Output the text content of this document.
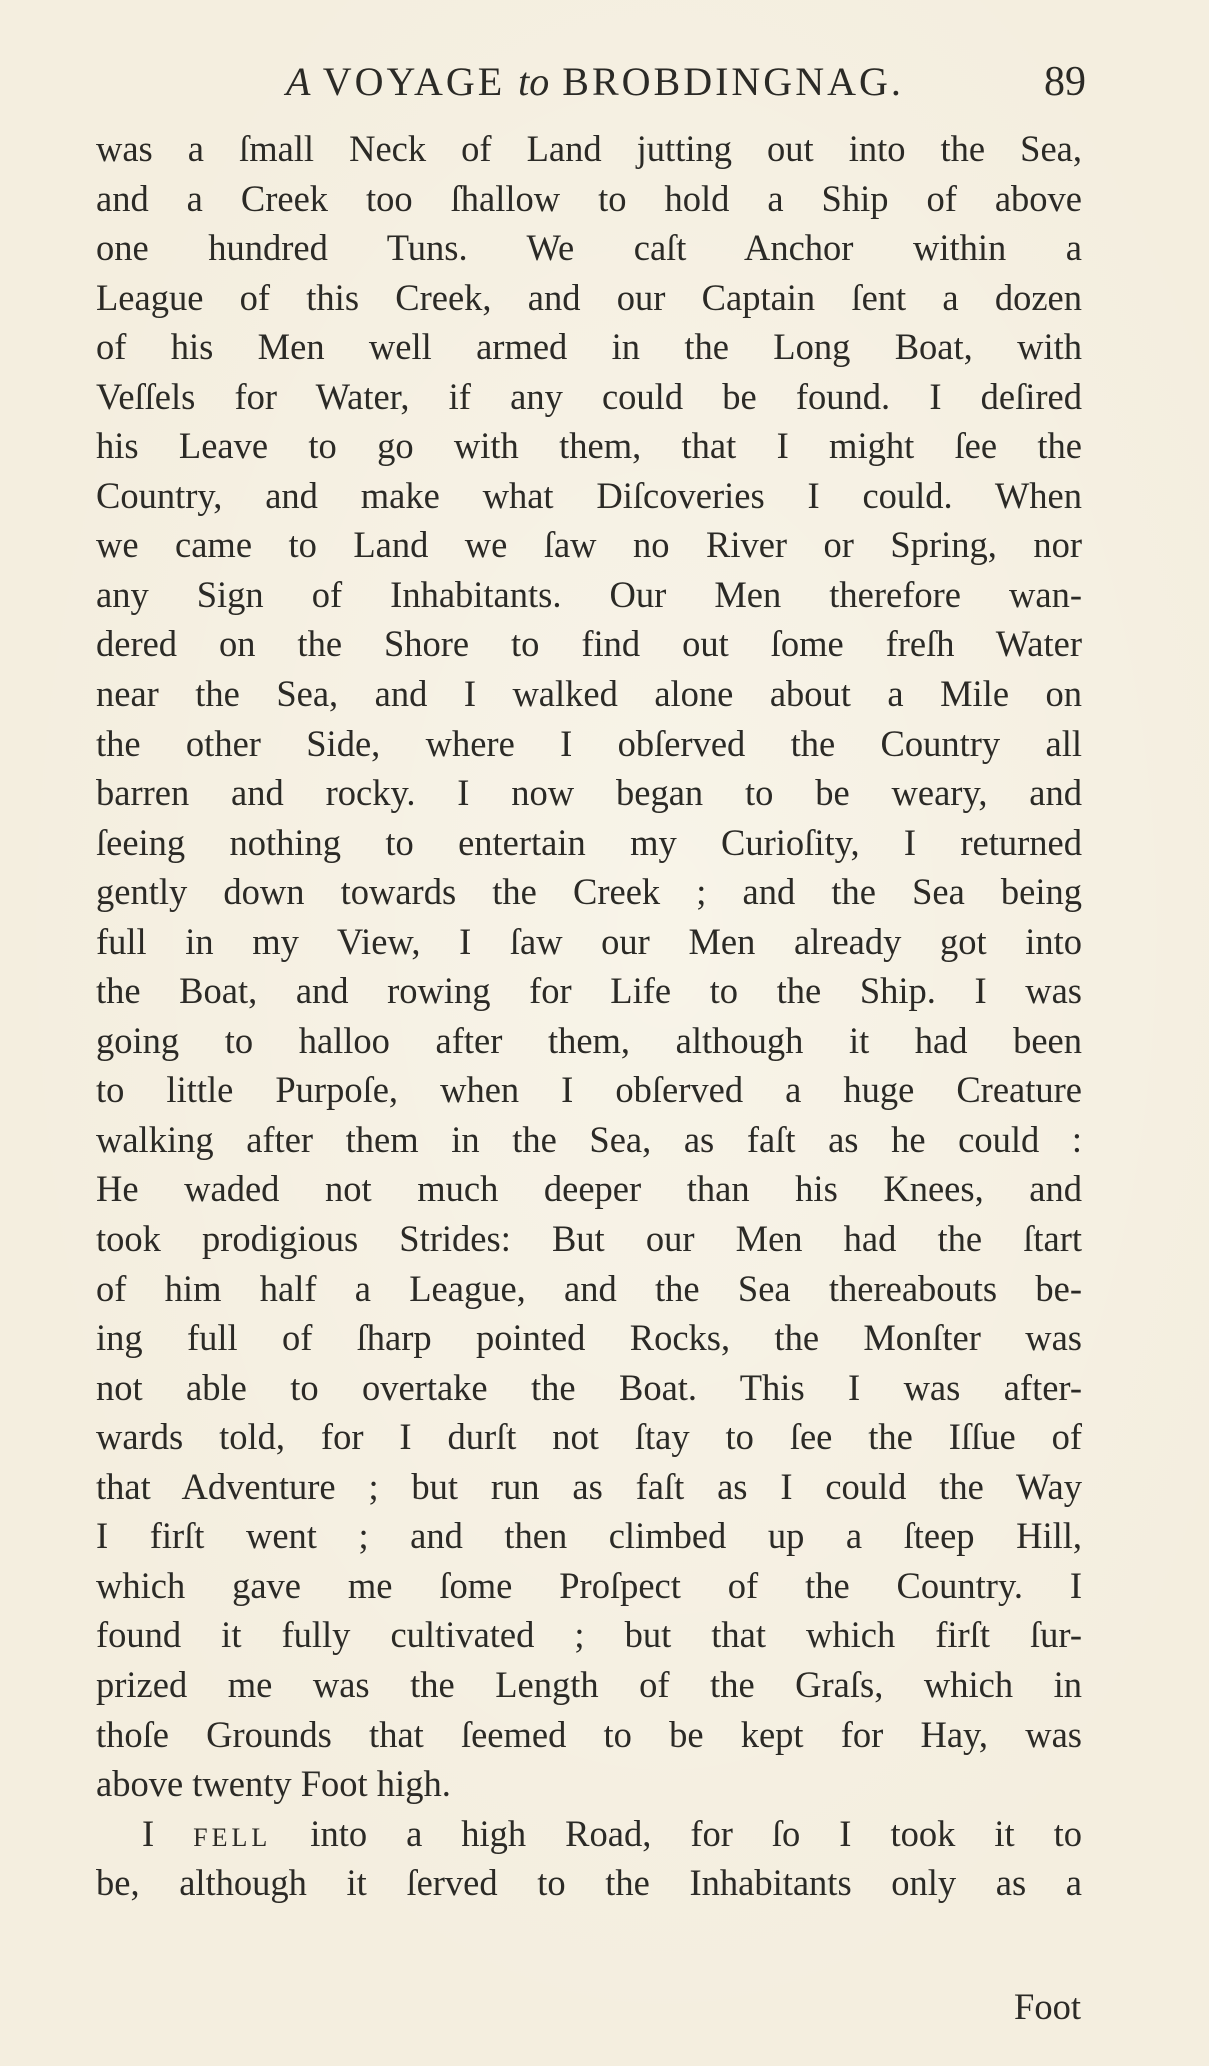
A VOYAGE to BROBDINGNAG.	89
was a ſmall Neck of Land jutting out into the Sea,
and a Creek too ſhallow to hold a Ship of above
one hundred Tuns. We caſt Anchor within a
League of this Creek, and our Captain ſent a dozen
of his Men well armed in the Long Boat, with
Veſſels for Water, if any could be found. I deſired
his Leave to go with them, that I might ſee the
Country, and make what Diſcoveries I could. When
we came to Land we ſaw no River or Spring, nor
any Sign of Inhabitants. Our Men therefore wan-
dered on the Shore to find out ſome freſh Water
near the Sea, and I walked alone about a Mile on
the other Side, where I obſerved the Country all
barren and rocky. I now began to be weary, and
ſeeing nothing to entertain my Curioſity, I returned
gently down towards the Creek ; and the Sea being
full in my View, I ſaw our Men already got into
the Boat, and rowing for Life to the Ship. I was
going to halloo after them, although it had been
to little Purpoſe, when I obſerved a huge Creature
walking after them in the Sea, as faſt as he could :
He waded not much deeper than his Knees, and
took prodigious Strides: But our Men had the ſtart
of him half a League, and the Sea thereabouts be-
ing full of ſharp pointed Rocks, the Monſter was
not able to overtake the Boat. This I was after-
wards told, for I durſt not ſtay to ſee the Iſſue of
that Adventure ; but run as faſt as I could the Way
I firſt went ; and then climbed up a ſteep Hill,
which gave me ſome Proſpect of the Country. I
found it fully cultivated ; but that which firſt ſur-
prized me was the Length of the Graſs, which in
thoſe Grounds that ſeemed to be kept for Hay, was
above twenty Foot high.
I FELL into a high Road, for ſo I took it to
be, although it ſerved to the Inhabitants only as a
Foot
